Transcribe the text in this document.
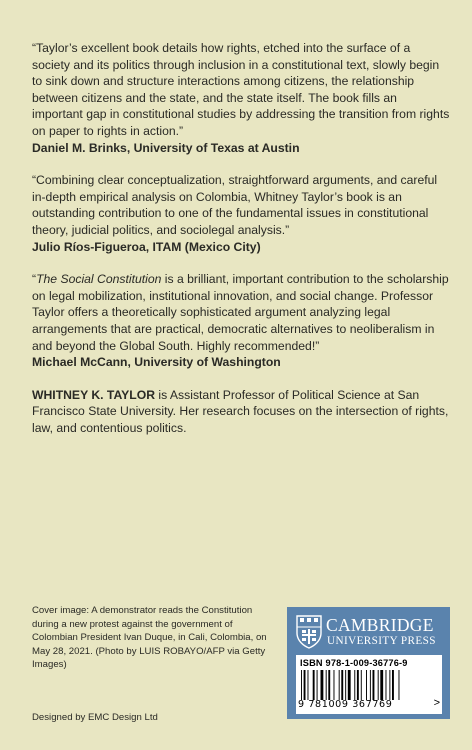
“Taylor’s excellent book details how rights, etched into the surface of a society and its politics through inclusion in a constitutional text, slowly begin to sink down and structure interactions among citizens, the relationship between citizens and the state, and the state itself. The book fills an important gap in constitutional studies by addressing the transition from rights on paper to rights in action.”

Daniel M. Brinks, University of Texas at Austin

“Combining clear conceptualization, straightforward arguments, and careful in-depth empirical analysis on Colombia, Whitney Taylor’s book is an outstanding contribution to one of the fundamental issues in constitutional theory, judicial politics, and sociolegal analysis.”

Julio Ríos-Figueroa, ITAM (Mexico City)

“The Social Constitution is a brilliant, important contribution to the scholarship on legal mobilization, institutional innovation, and social change. Professor Taylor offers a theoretically sophisticated argument analyzing legal arrangements that are practical, democratic alternatives to neoliberalism in and beyond the Global South. Highly recommended!”

Michael McCann, University of Washington

WHITNEY K. TAYLOR is Assistant Professor of Political Science at San Francisco State University. Her research focuses on the intersection of rights, law, and contentious politics.

Cover image: A demonstrator reads the Constitution during a new protest against the government of Colombian President Ivan Duque, in Cali, Colombia, on May 28, 2021. (Photo by LUIS ROBAYO/AFP via Getty Images)

Designed by EMC Design Ltd

CAMBRIDGE
UNIVERSITY PRESS
ISBN 978-1-009-36776-9
9 781009 367769	>
